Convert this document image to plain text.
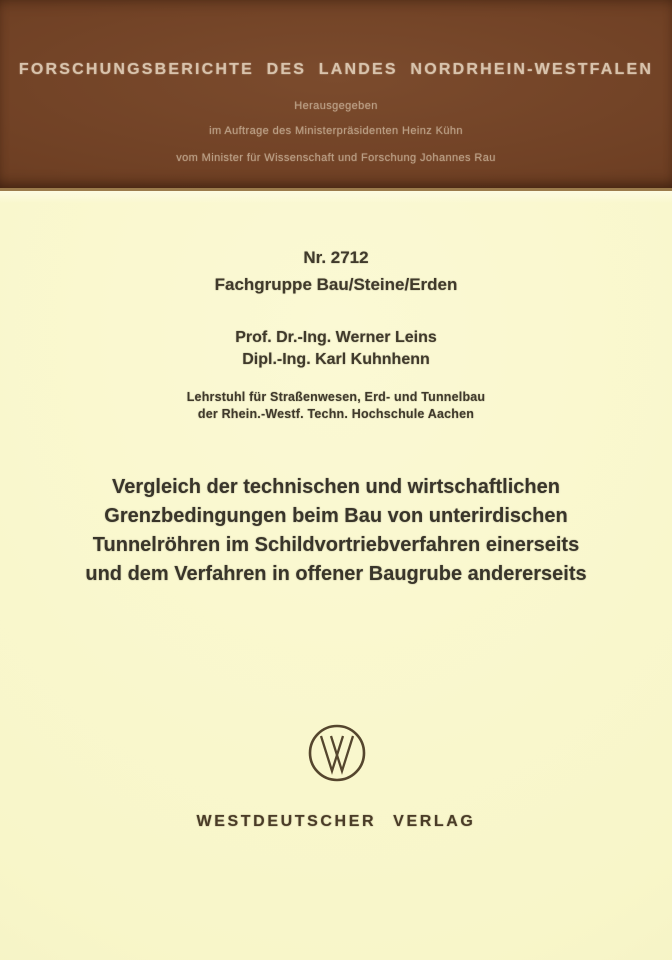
FORSCHUNGSBERICHTE DES LANDES NORDRHEIN-WESTFALEN
Herausgegeben
im Auftrage des Ministerpräsidenten Heinz Kühn
vom Minister für Wissenschaft und Forschung Johannes Rau
Nr. 2712
Fachgruppe Bau/Steine/Erden
Prof. Dr.-Ing. Werner Leins
Dipl.-Ing. Karl Kuhnhenn
Lehrstuhl für Straßenwesen, Erd- und Tunnelbau
der Rhein.-Westf. Techn. Hochschule Aachen
Vergleich der technischen und wirtschaftlichen
Grenzbedingungen beim Bau von unterirdischen
Tunnelröhren im Schildvortriebverfahren einerseits
und dem Verfahren in offener Baugrube andererseits
WESTDEUTSCHER VERLAG
